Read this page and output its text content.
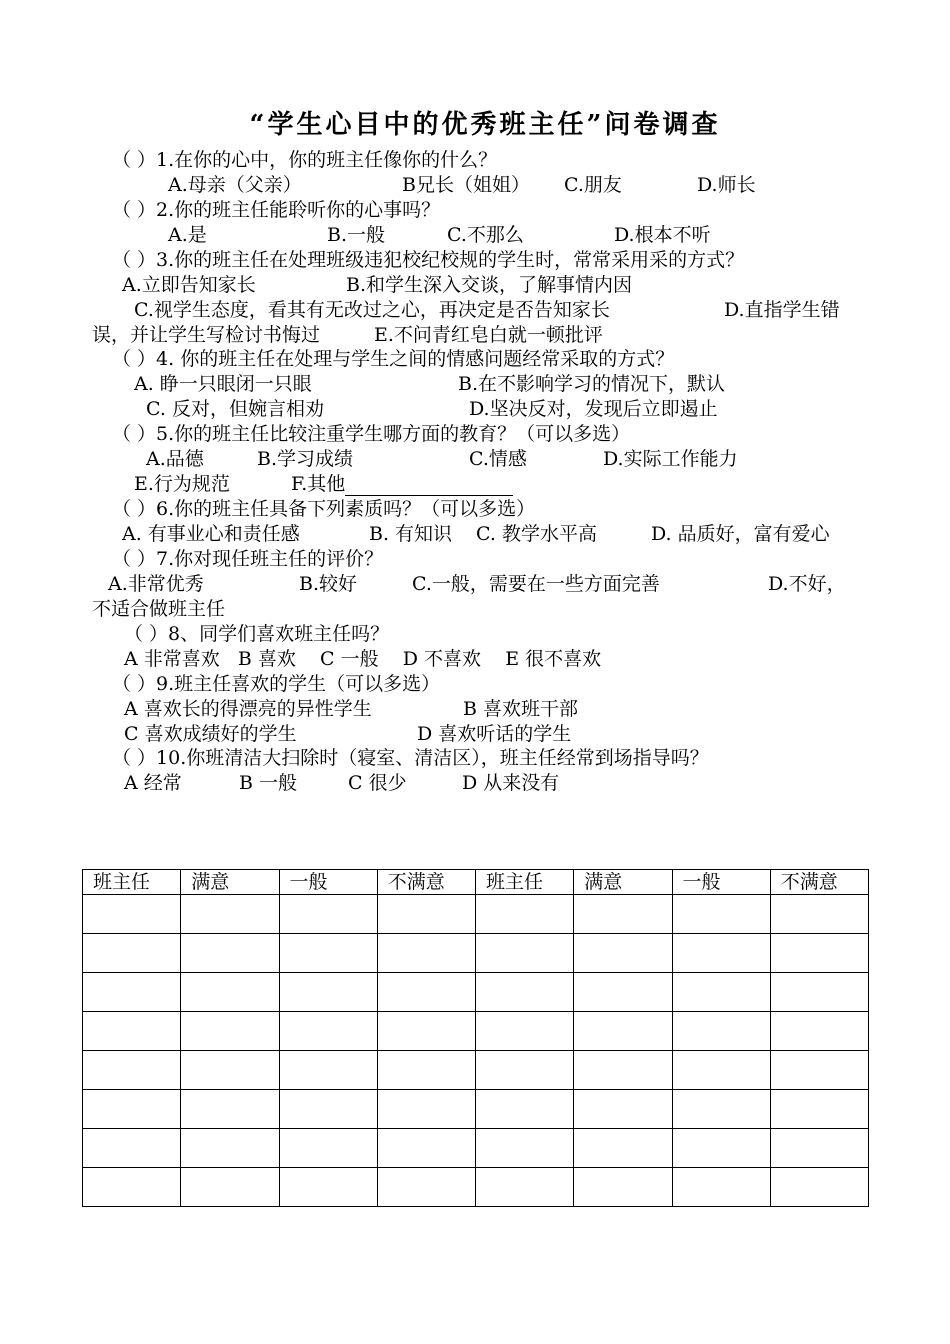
“学生心目中的优秀班主任”问卷调查
（ ）1.在你的心中，你的班主任像你的什么？
A.母亲（父亲）	B兄长（姐姐） C.朋友	D.师长
（ ）2.你的班主任能聆听你的心事吗？
A.是	B.一般	C.不那么	D.根本不听
（ ）3.你的班主任在处理班级违犯校纪校规的学生时，常常采用采的方式？
A.立即告知家长	B.和学生深入交谈，了解事情内因
C.视学生态度，看其有无改过之心，再决定是否告知家长	D.直指学生错
误，并让学生写检讨书悔过	E.不问青红皂白就一顿批评
（ ）4. 你的班主任在处理与学生之间的情感问题经常采取的方式？
A. 睁一只眼闭一只眼	B.在不影响学习的情况下，默认
C. 反对，但婉言相劝	D.坚决反对，发现后立即遏止
（ ）5.你的班主任比较注重学生哪方面的教育？（可以多选）
A.品德	B.学习成绩	C.情感	D.实际工作能力
E.行为规范	F.其他
（ ）6.你的班主任具备下列素质吗？（可以多选）
A. 有事业心和责任感	B. 有知识 C. 教学水平高	D. 品质好，富有爱心
（ ）7.你对现任班主任的评价？
A.非常优秀	B.较好	C.一般，需要在一些方面完善	D.不好，
不适合做班主任
（ ）8、同学们喜欢班主任吗？
A 非常喜欢   B 喜欢    C 一般    D 不喜欢    E 很不喜欢
（ ）9.班主任喜欢的学生（可以多选）
A 喜欢长的得漂亮的异性学生	B 喜欢班干部
C 喜欢成绩好的学生	D 喜欢听话的学生
（ ）10.你班清洁大扫除时（寝室、清洁区），班主任经常到场指导吗？
A 经常	B 一般	C 很少	D 从来没有
班主任	满意	一般	不满意	班主任	满意	一般	不满意
